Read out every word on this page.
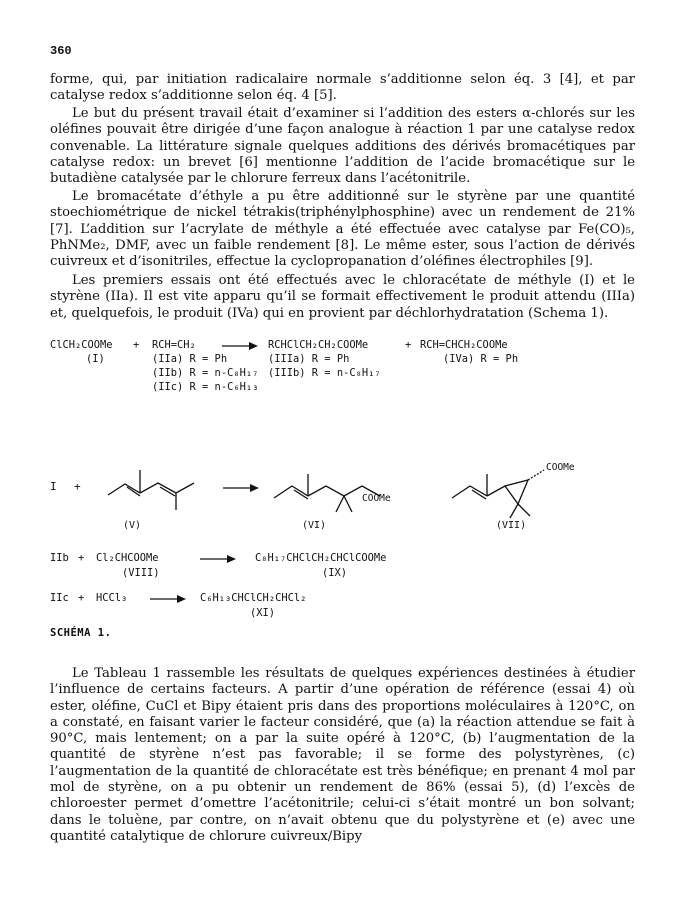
360

forme, qui, par initiation radicalaire normale s’additionne selon éq. 3 [4], et par catalyse redox s’additionne selon éq. 4 [5].

Le but du présent travail était d’examiner si l’addition des esters α-chlorés sur les oléfines pouvait être dirigée d’une façon analogue à réaction 1 par une catalyse redox convenable. La littérature signale quelques additions des dérivés bromacétiques par catalyse redox: un brevet [6] mentionne l’addition de l’acide bromacétique sur le butadiène catalysée par le chlorure ferreux dans l’acétonitrile.

Le bromacétate d’éthyle a pu être additionné sur le styrène par une quantité stoechiométrique de nickel tétrakis(triphénylphosphine) avec un rendement de 21% [7]. L’addition sur l’acrylate de méthyle a été effectuée avec catalyse par Fe(CO)₅, PhNMe₂, DMF, avec un faible rendement [8]. Le même ester, sous l’action de dérivés cuivreux et d’isonitriles, effectue la cyclopropanation d’oléfines électrophiles [9].

Les premiers essais ont été effectués avec le chloracétate de méthyle (I) et le styrène (IIa). Il est vite apparu qu’il se formait effectivement le produit attendu (IIIa) et, quelquefois, le produit (IVa) qui en provient par déchlorhydratation (Schema 1).

ClCH₂COOMe + RCH=CH₂ → RCHClCH₂CH₂COOMe	+ RCH=CHCH₂COOMe
(I)	(IIa) R = Ph
(IIb) R = n-C₈H₁₇
(IIc) R = n-C₆H₁₃
(IIIa) R = Ph
(IIIb) R = n-C₈H₁₇
(IVa) R = Ph
I +
(V)
COOMe
(VI)
COOMe
(VII)
IIb + Cl₂CHCOOMe	→ C₈H₁₇CHClCH₂CHClCOOMe
(VIII)	(IX)
IIc + HCCl₃ → C₆H₁₃CHClCH₂CHCl₂
(XI)
SCHÉMA 1.

Le Tableau 1 rassemble les résultats de quelques expériences destinées à étudier l’influence de certains facteurs. A partir d’une opération de référence (essai 4) où ester, oléfine, CuCl et Bipy étaient pris dans des proportions moléculaires à 120°C, on a constaté, en faisant varier le facteur considéré, que (a) la réaction attendue se fait à 90°C, mais lentement; on a par la suite opéré à 120°C, (b) l’augmentation de la quantité de styrène n’est pas favorable; il se forme des polystyrènes, (c) l’augmentation de la quantité de chloracétate est très bénéfique; en prenant 4 mol par mol de styrène, on a pu obtenir un rendement de 86% (essai 5), (d) l’excès de chloroester permet d’omettre l’acétonitrile; celui-ci s’était montré un bon solvant; dans le toluène, par contre, on n’avait obtenu que du polystyrène et (e) avec une quantité catalytique de chlorure cuivreux/Bipy
